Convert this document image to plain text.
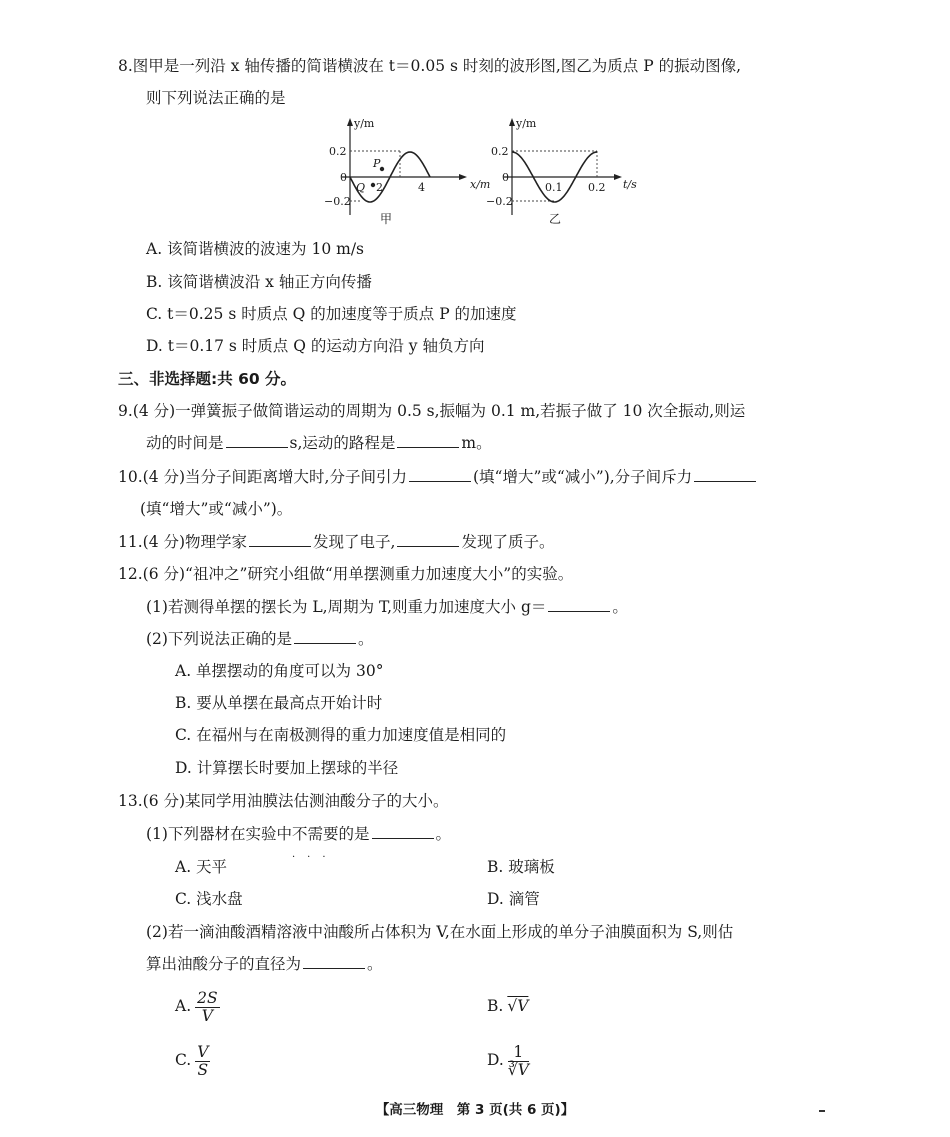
8.图甲是一列沿 x 轴传播的简谐横波在 t＝0.05 s 时刻的波形图,图乙为质点 P 的振动图像,
则下列说法正确的是
y/m
x/m
0.2
0
−0.2
2	4
P
Q
甲
y/m
t/s
0.2
0
−0.2
0.1 0.2
乙
A. 该简谐横波的波速为 10 m/s
B. 该简谐横波沿 x 轴正方向传播
C. t＝0.25 s 时质点 Q 的加速度等于质点 P 的加速度
D. t＝0.17 s 时质点 Q 的运动方向沿 y 轴负方向
三、非选择题:共 60 分。
9.(4 分)一弹簧振子做简谐运动的周期为 0.5 s,振幅为 0.1 m,若振子做了 10 次全振动,则运
动的时间是	s,运动的路程是	m。
10.(4 分)当分子间距离增大时,分子间引力	(填“增大”或“减小”),分子间斥力
(填“增大”或“减小”)。
11.(4 分)物理学家	发现了电子,	发现了质子。
12.(6 分)“祖冲之”研究小组做“用单摆测重力加速度大小”的实验。
(1)若测得单摆的摆长为 L,周期为 T,则重力加速度大小 g＝	。
(2)下列说法正确的是	。
A. 单摆摆动的角度可以为 30°
B. 要从单摆在最高点开始计时
C. 在福州与在南极测得的重力加速度值是相同的
D. 计算摆长时要加上摆球的半径
13.(6 分)某同学用油膜法估测油酸分子的大小。
(1)下列器材在实验中不需要
···
的是	。
A. 天平	B. 玻璃板
C. 浅水盘	D. 滴管
(2)若一滴油酸酒精溶液中油酸所占体积为 V,在水面上形成的单分子油膜面积为 S,则估
算出油酸分子的直径为	。
A. $\frac{2S}{V}$	B. √V
C. $\frac{V}{S}$	D. $\frac{1}{∛V}$
【高三物理　第 3 页(共 6 页)】
